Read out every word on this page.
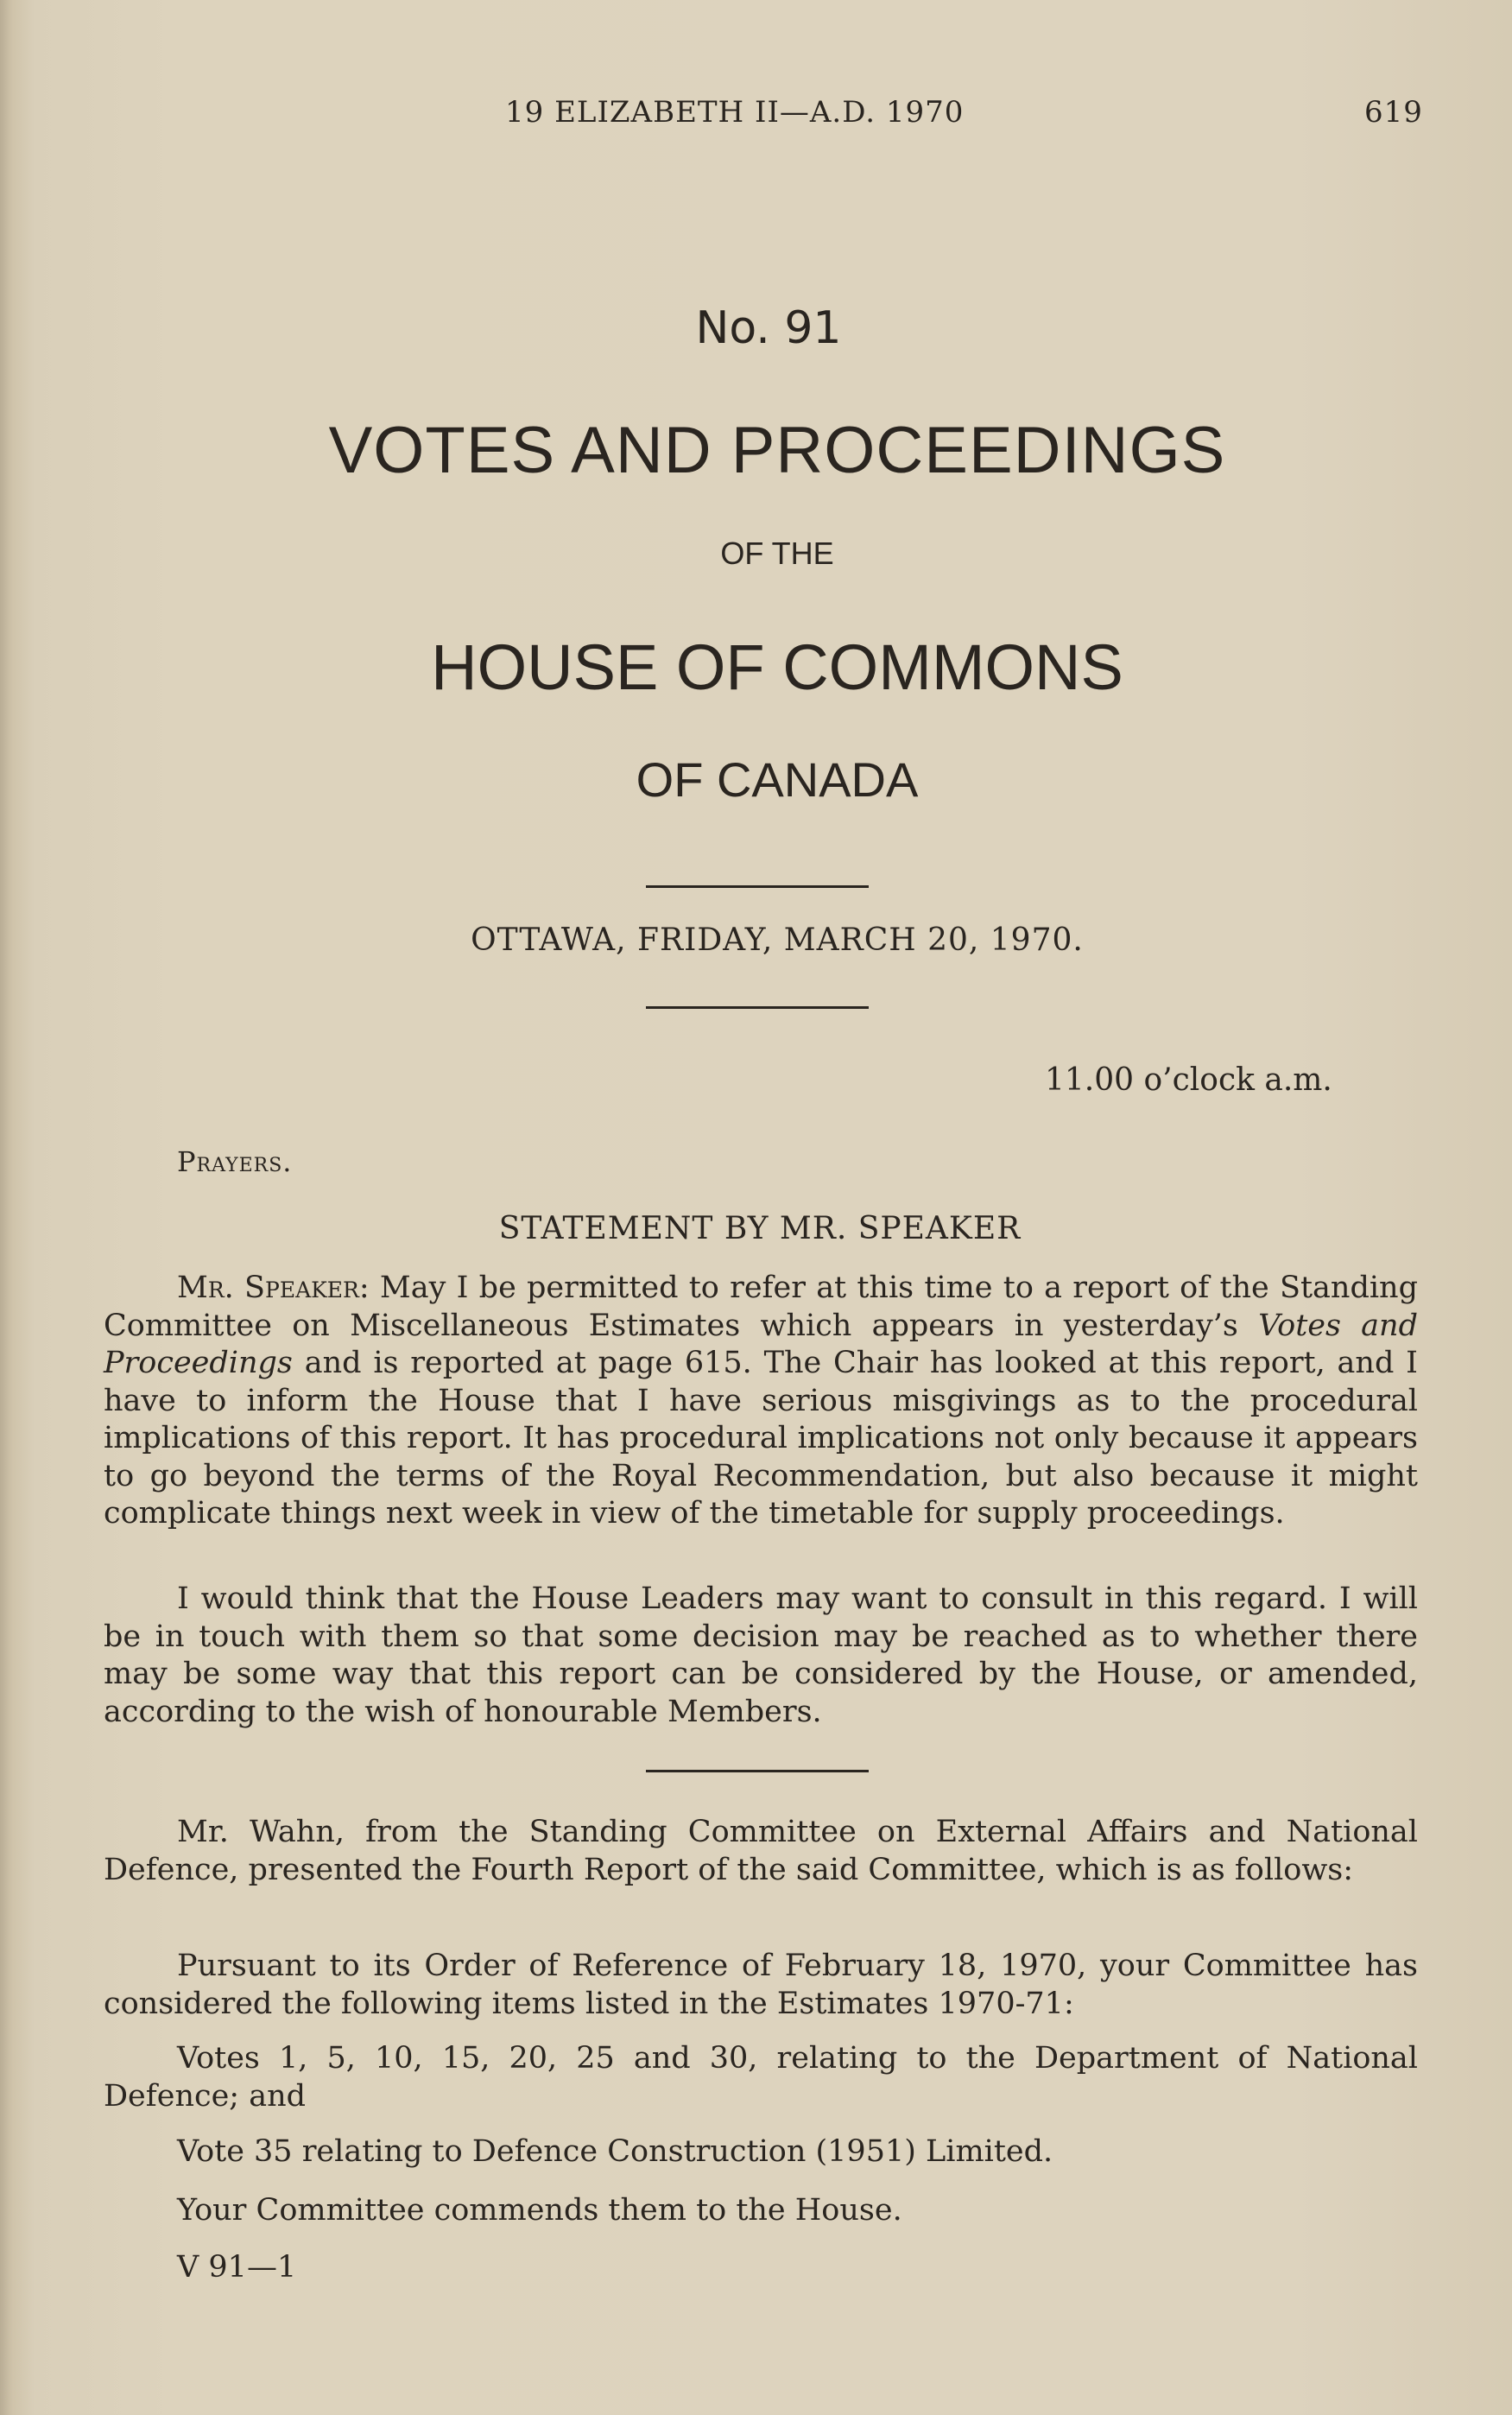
19 ELIZABETH II—A.D. 1970	619
No. 91
VOTES AND PROCEEDINGS
OF THE
HOUSE OF COMMONS
OF CANADA
OTTAWA, FRIDAY, MARCH 20, 1970.
11.00 o’clock a.m.
Prayers.
STATEMENT BY MR. SPEAKER

Mr. Speaker: May I be permitted to refer at this time to a report of the Standing Committee on Miscellaneous Estimates which appears in yesterday’s Votes and Proceedings and is reported at page 615. The Chair has looked at this report, and I have to inform the House that I have serious misgivings as to the procedural implications of this report. It has procedural implications not only because it appears to go beyond the terms of the Royal Recommendation, but also because it might complicate things next week in view of the timetable for supply proceedings.

I would think that the House Leaders may want to consult in this regard. I will be in touch with them so that some decision may be reached as to whether there may be some way that this report can be considered by the House, or amended, according to the wish of honourable Members.

Mr. Wahn, from the Standing Committee on External Affairs and National Defence, presented the Fourth Report of the said Committee, which is as follows:

Pursuant to its Order of Reference of February 18, 1970, your Committee has considered the following items listed in the Estimates 1970-71:

Votes 1, 5, 10, 15, 20, 25 and 30, relating to the Department of National Defence; and

Vote 35 relating to Defence Construction (1951) Limited.

Your Committee commends them to the House.

V 91—1
